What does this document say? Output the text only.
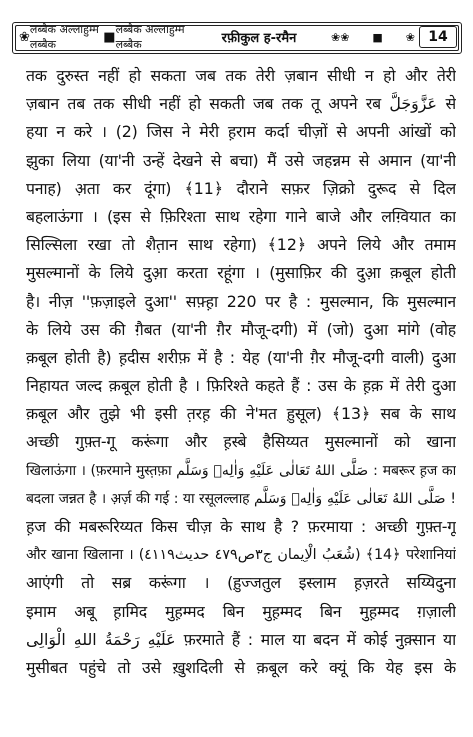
❀ लब्बैक अल्लाहुम्म लब्बैक	■ लब्बैक अल्लाहुम्म लब्बैक	रफ़ीकुल ह-रमैन	❀❀ ■ ❀ 14
तक दुरुस्त नहीं हो सकता जब तक तेरी ज़बान सीधी न हो और तेरी
ज़बान तब तक सीधी नहीं हो सकती जब तक तू अपने रब عَزَّوَجَلَّ से
हया न करे । (2) जिस ने मेरी ह़राम कर्दा चीज़ों से अपनी आंखों को
झुका लिया (या'नी उन्हें देखने से बचा) मैं उसे जहन्नम से अमान (या'नी
पनाह) अ़ता कर दूंगा) ﴾11﴿ दौराने सफ़र ज़िक्रो दुरूद से दिल
बहलाऊंगा । (इस से फ़िरिश्ता साथ रहेगा गाने बाजे और लग़्वियात का
सिल्सिला रखा तो शैत़ान साथ रहेगा) ﴾12﴿ अपने लिये और तमाम
मुसल्मानों के लिये दुआ़ करता रहूंगा । (मुसाफ़िर की दुआ़ क़बूल होती
है। नीज़ ''फ़ज़ाइले दुआ'' सफ़्ह़ा 220 पर है : मुसल्मान, कि मुसल्मान
के लिये उस की ग़ैबत (या'नी ग़ैर मौजू-दगी) में (जो) दुआ मांगे (वोह
क़बूल होती है) ह़दीस शरीफ़ में है : येह (या'नी ग़ैर मौजू-दगी वाली) दुआ
निहायत जल्द क़बूल होती है । फ़िरिश्ते कहते हैं : उस के ह़क़ में तेरी दुआ
क़बूल और तुझे भी इसी त़रह़ की ने'मत ह़ुसूल) ﴾13﴿ सब के साथ
अच्छी गुफ़्त-गू करूंगा और ह़स्बे हैसिय्यत मुसल्मानों को खाना
खिलाऊंगा । (फ़रमाने मुस्त़फ़ा صَلَّى اللهُ تَعَالٰى عَلَيْهِ وَاٰلِهٖ وَسَلَّم : मबरूर ह़ज का
बदला जन्नत है । अ़र्ज़ की गई : या रसूलल्लाह صَلَّى اللهُ تَعَالٰى عَلَيْهِ وَاٰلِهٖ وَسَلَّم !
ह़ज की मबरूरिय्यत किस चीज़ के साथ है ? फ़रमाया : अच्छी गुफ़्त-गू
और खाना खिलाना । (شُعَبُ الْاِيمان ج٣ص٤٧٩ حديث٤١١٩) ﴾14﴿ परेशानियां
आएंगी तो सब्र करूंगा । (ह़ुज्जतुल इस्लाम ह़ज़रते सय्यिदुना
इमाम अबू ह़ामिद मुह़म्मद बिन मुह़म्मद बिन मुह़म्मद ग़ज़ाली
عَلَيْهِ رَحْمَةُ اللهِ الْوَالِى फ़रमाते हैं : माल या बदन में कोई नुक़्सान या
मुसीबत पहुंचे तो उसे ख़ुशदिली से क़बूल करे क्यूं कि येह इस के
